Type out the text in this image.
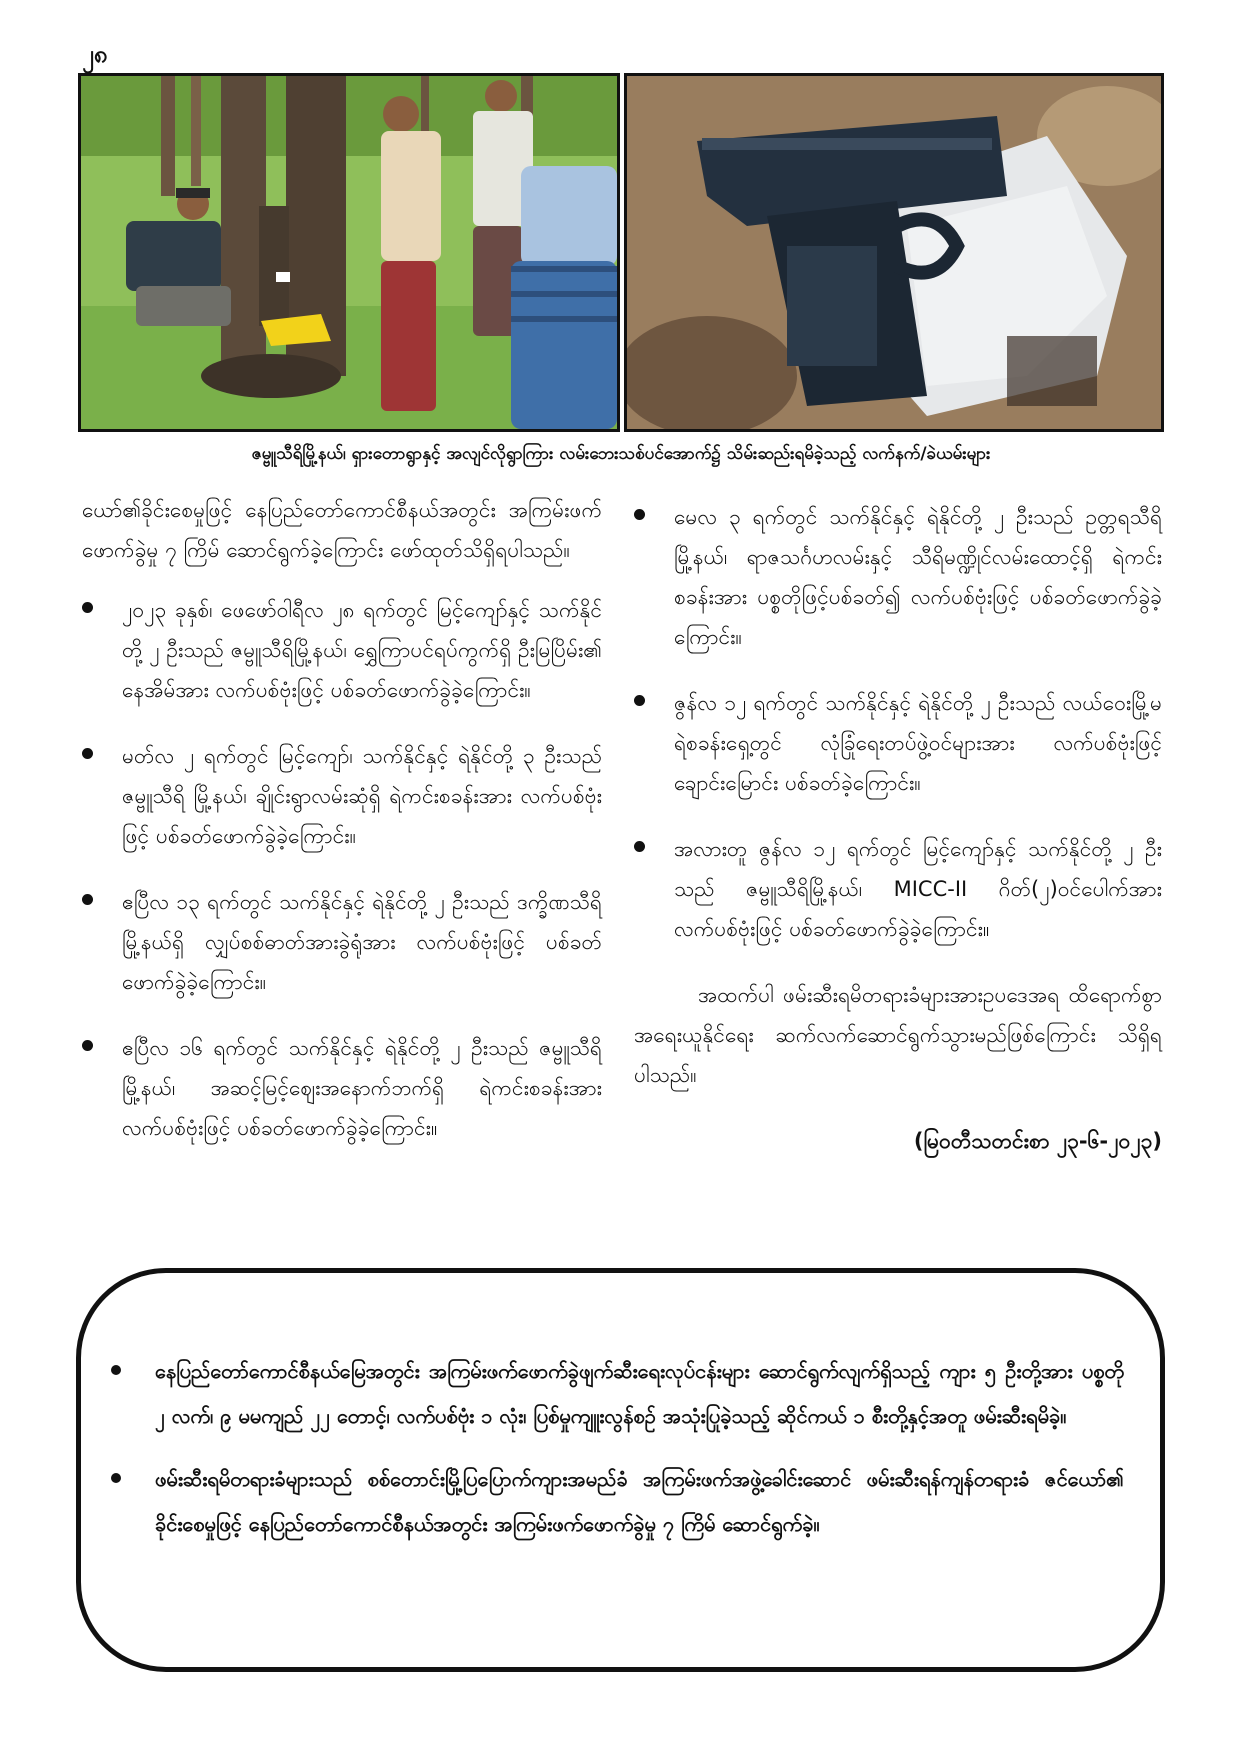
၂၈
ဇမ္ဗူသီရိမြို့နယ်၊ ရှားတောရွာနှင့် အလျင်လိုရွာကြား လမ်းဘေးသစ်ပင်အောက်၌ သိမ်းဆည်းရမိခဲ့သည့် လက်နက်/ခဲယမ်းများ

ယော်၏ခိုင်းစေမှုဖြင့် နေပြည်တော်ကောင်စီနယ်အတွင်း အကြမ်းဖက်ဖောက်ခွဲမှု ၇ ကြိမ် ဆောင်ရွက်ခဲ့ကြောင်း ဖော်ထုတ်သိရှိရပါသည်။

၂၀၂၃ ခုနှစ်၊ ဖေဖော်ဝါရီလ ၂၈ ရက်တွင် မြင့်ကျော်နှင့် သက်နိုင်တို့ ၂ ဦးသည် ဇမ္ဗူသီရိမြို့နယ်၊ ရွှေကြာပင်ရပ်ကွက်ရှိ ဦးမြပြိမ်း၏ နေအိမ်အား လက်ပစ်ဗုံးဖြင့် ပစ်ခတ်ဖောက်ခွဲခဲ့ကြောင်း။
မတ်လ ၂ ရက်တွင် မြင့်ကျော်၊ သက်နိုင်နှင့် ရဲနိုင်တို့ ၃ ဦးသည် ဇမ္ဗူသီရိ မြို့နယ်၊ ချိုင်းရွာလမ်းဆုံရှိ ရဲကင်းစခန်းအား လက်ပစ်ဗုံးဖြင့် ပစ်ခတ်ဖောက်ခွဲခဲ့ကြောင်း။
ဧပြီလ ၁၃ ရက်တွင် သက်နိုင်နှင့် ရဲနိုင်တို့ ၂ ဦးသည် ဒက္ခိဏသီရိမြို့နယ်ရှိ လျှပ်စစ်ဓာတ်အားခွဲရုံအား လက်ပစ်ဗုံးဖြင့် ပစ်ခတ်ဖောက်ခွဲခဲ့ကြောင်း။
ဧပြီလ ၁၆ ရက်တွင် သက်နိုင်နှင့် ရဲနိုင်တို့ ၂ ဦးသည် ဇမ္ဗူသီရိမြို့နယ်၊ အဆင့်မြင့်ဈေးအနောက်ဘက်ရှိ ရဲကင်းစခန်းအား လက်ပစ်ဗုံးဖြင့် ပစ်ခတ်ဖောက်ခွဲခဲ့ကြောင်း။
မေလ ၃ ရက်တွင် သက်နိုင်နှင့် ရဲနိုင်တို့ ၂ ဦးသည် ဥတ္တရသီရိမြို့နယ်၊ ရာဇသင်္ဂဟလမ်းနှင့် သီရိမဏ္ဍိုင်လမ်းထောင့်ရှိ ရဲကင်းစခန်းအား ပစ္စတိုဖြင့်ပစ်ခတ်၍ လက်ပစ်ဗုံးဖြင့် ပစ်ခတ်ဖောက်ခွဲခဲ့ကြောင်း။
ဇွန်လ ၁၂ ရက်တွင် သက်နိုင်နှင့် ရဲနိုင်တို့ ၂ ဦးသည် လယ်ဝေးမြို့မ ရဲစခန်းရှေ့တွင် လုံခြုံရေးတပ်ဖွဲ့ဝင်များအား လက်ပစ်ဗုံးဖြင့် ချောင်းမြောင်း ပစ်ခတ်ခဲ့ကြောင်း။
အလားတူ ဇွန်လ ၁၂ ရက်တွင် မြင့်ကျော်နှင့် သက်နိုင်တို့ ၂ ဦးသည် ဇမ္ဗူသီရိမြို့နယ်၊ MICC-II ဂိတ်(၂)ဝင်ပေါက်အား လက်ပစ်ဗုံးဖြင့် ပစ်ခတ်ဖောက်ခွဲခဲ့ကြောင်း။

အထက်ပါ ဖမ်းဆီးရမိတရားခံများအားဥပဒေအရ ထိရောက်စွာအရေးယူနိုင်ရေး ဆက်လက်ဆောင်ရွက်သွားမည်ဖြစ်ကြောင်း သိရှိရပါသည်။

(မြဝတီသတင်းစာ ၂၃-၆-၂၀၂၃)
နေပြည်တော်ကောင်စီနယ်မြေအတွင်း အကြမ်းဖက်ဖောက်ခွဲဖျက်ဆီးရေးလုပ်ငန်းများ ဆောင်ရွက်လျက်ရှိသည့် ကျား ၅ ဦးတို့အား ပစ္စတို ၂ လက်၊ ၉ မမကျည် ၂၂ တောင့်၊ လက်ပစ်ဗုံး ၁ လုံး၊ ပြစ်မှုကျူးလွန်စဉ် အသုံးပြုခဲ့သည့် ဆိုင်ကယ် ၁ စီးတို့နှင့်အတူ ဖမ်းဆီးရမိခဲ့။
ဖမ်းဆီးရမိတရားခံများသည် စစ်တောင်းမြို့ပြပြောက်ကျားအမည်ခံ အကြမ်းဖက်အဖွဲ့ခေါင်းဆောင် ဖမ်းဆီးရန်ကျန်တရားခံ ဇင်ယော်၏ ခိုင်းစေမှုဖြင့် နေပြည်တော်ကောင်စီနယ်အတွင်း အကြမ်းဖက်ဖောက်ခွဲမှု ၇ ကြိမ် ဆောင်ရွက်ခဲ့။
